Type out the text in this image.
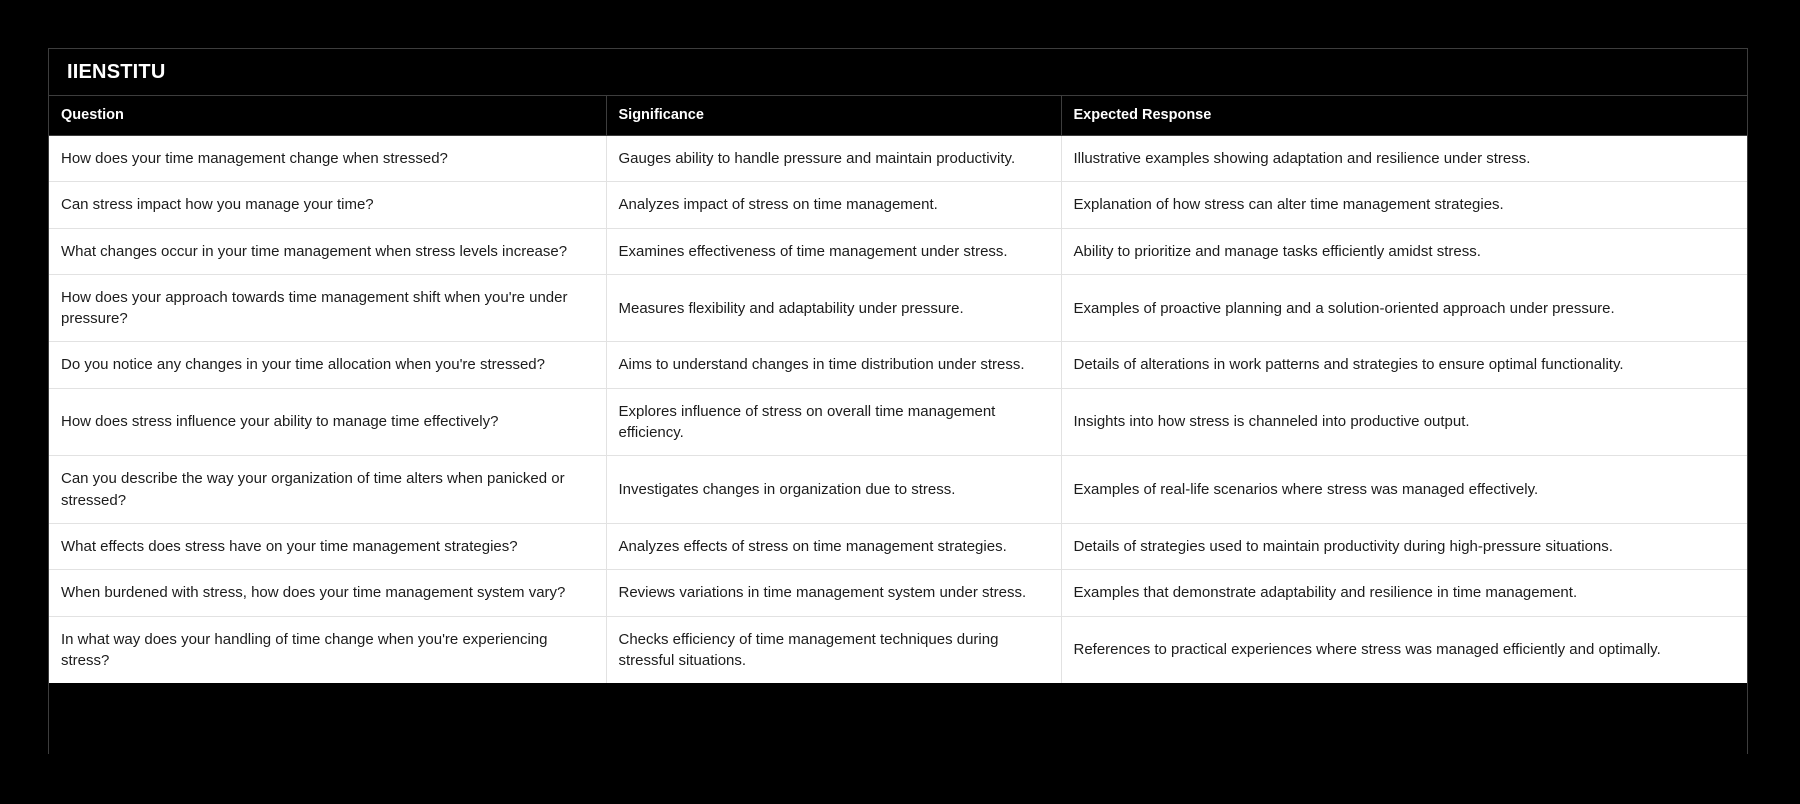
IIENSTITU
Question	Significance	Expected Response
How does your time management change when stressed?	Gauges ability to handle pressure and maintain productivity.	Illustrative examples showing adaptation and resilience under stress.
Can stress impact how you manage your time?	Analyzes impact of stress on time management.	Explanation of how stress can alter time management strategies.
What changes occur in your time management when stress levels increase?	Examines effectiveness of time management under stress.	Ability to prioritize and manage tasks efficiently amidst stress.
How does your approach towards time management shift when you're under pressure?	Measures flexibility and adaptability under pressure.	Examples of proactive planning and a solution-oriented approach under pressure.
Do you notice any changes in your time allocation when you're stressed?	Aims to understand changes in time distribution under stress.	Details of alterations in work patterns and strategies to ensure optimal functionality.
How does stress influence your ability to manage time effectively?	Explores influence of stress on overall time management efficiency.	Insights into how stress is channeled into productive output.
Can you describe the way your organization of time alters when panicked or stressed?	Investigates changes in organization due to stress.	Examples of real-life scenarios where stress was managed effectively.
What effects does stress have on your time management strategies?	Analyzes effects of stress on time management strategies.	Details of strategies used to maintain productivity during high-pressure situations.
When burdened with stress, how does your time management system vary?	Reviews variations in time management system under stress.	Examples that demonstrate adaptability and resilience in time management.
In what way does your handling of time change when you're experiencing stress?	Checks efficiency of time management techniques during stressful situations.	References to practical experiences where stress was managed efficiently and optimally.
